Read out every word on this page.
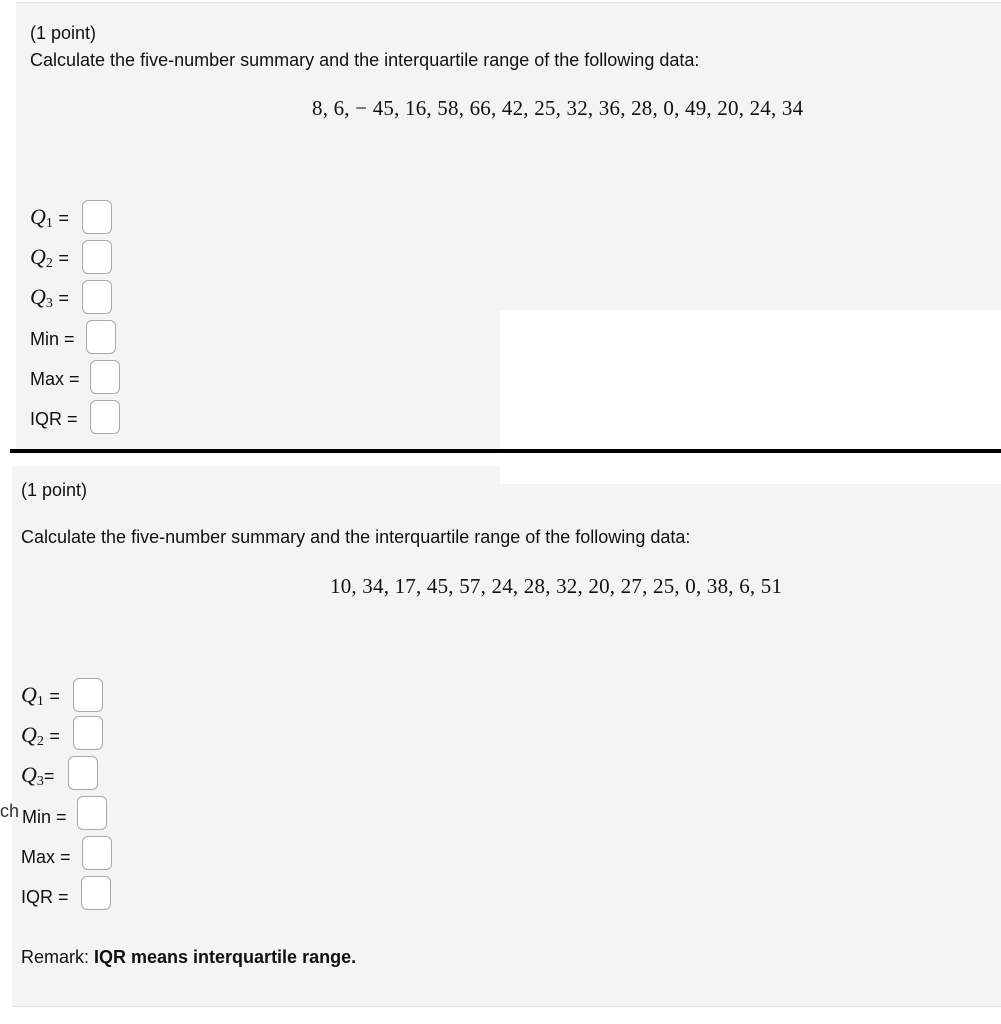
(1 point)
Calculate the five-number summary and the interquartile range of the following data:
8, 6, − 45, 16, 58, 66, 42, 25, 32, 36, 28, 0, 49, 20, 24, 34
$Q_1$ =
$Q_2$ =
$Q_3$ =
Min =
Max =
IQR =
(1 point)
Calculate the five-number summary and the interquartile range of the following data:
10, 34, 17, 45, 57, 24, 28, 32, 20, 27, 25, 0, 38, 6, 51
$Q_1$ =
$Q_2$ =
$Q_3=$
ch Min =
Max =
IQR =
Remark: IQR means interquartile range.
